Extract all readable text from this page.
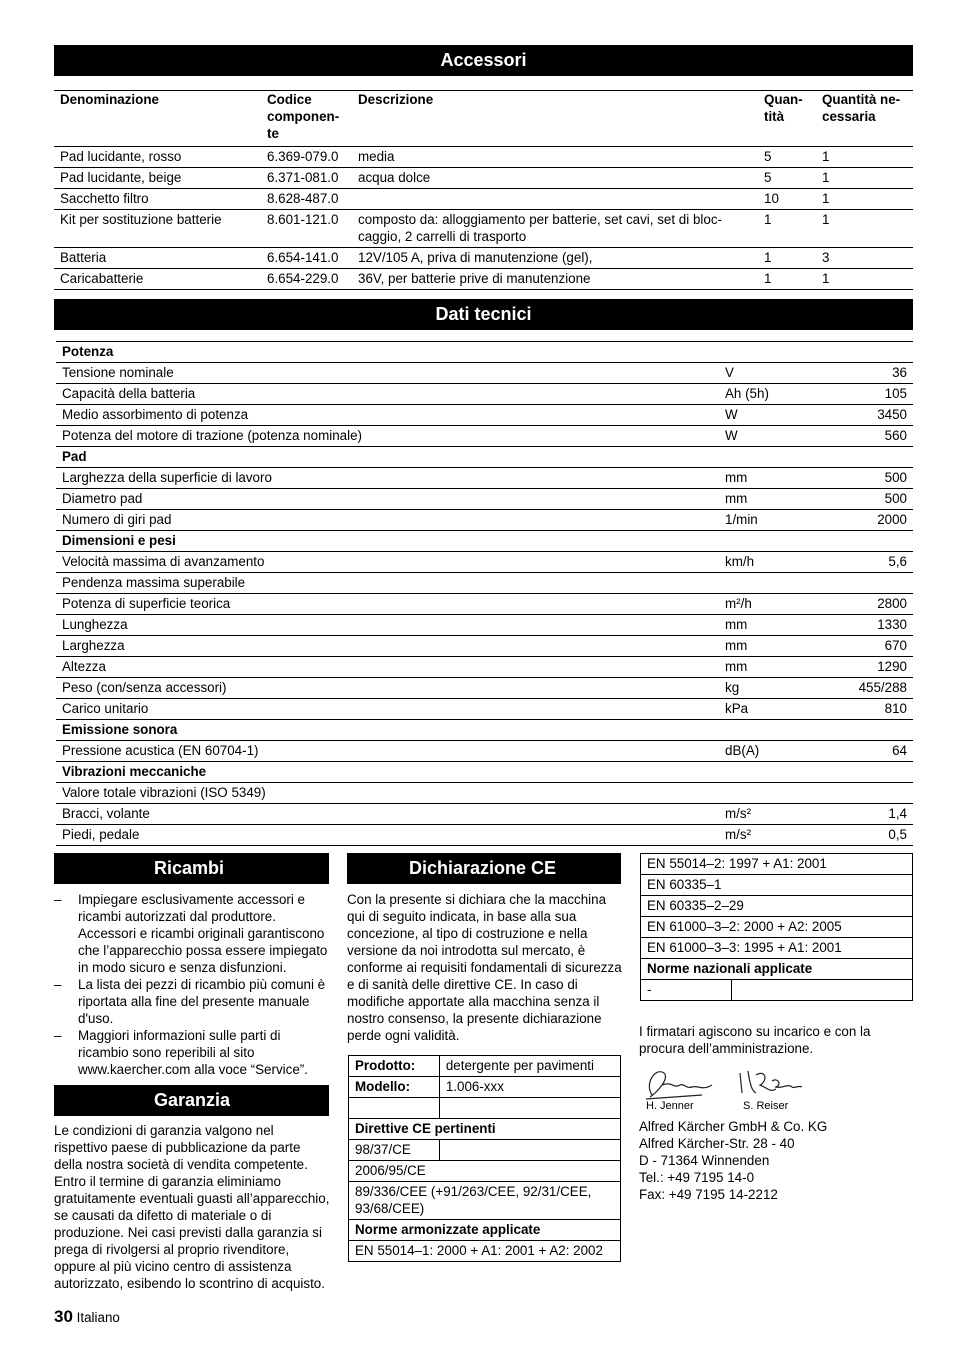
Accessori
Denominazione	Codice componen-te	Descrizione	Quan-tità	Quantità ne-cessaria
Pad lucidante, rosso	6.369-079.0	media	5	1
Pad lucidante, beige	6.371-081.0	acqua dolce	5	1
Sacchetto filtro	8.628-487.0		10	1
Kit per sostituzione batterie	8.601-121.0	composto da: alloggiamento per batterie, set cavi, set di bloc-caggio, 2 carrelli di trasporto	1	1
Batteria	6.654-141.0	12V/105 A, priva di manutenzione (gel),	1	3
Caricabatterie	6.654-229.0	36V, per batterie prive di manutenzione	1	1
Dati tecnici
Potenza		
Tensione nominale	V	36
Capacità della batteria	Ah (5h)	105
Medio assorbimento di potenza	W	3450
Potenza del motore di trazione (potenza nominale)	W	560
Pad		
Larghezza della superficie di lavoro	mm	500
Diametro pad	mm	500
Numero di giri pad	1/min	2000
Dimensioni e pesi		
Velocità massima di avanzamento	km/h	5,6
Pendenza massima superabile		
Potenza di superficie teorica	m²/h	2800
Lunghezza	mm	1330
Larghezza	mm	670
Altezza	mm	1290
Peso (con/senza accessori)	kg	455/288
Carico unitario	kPa	810
Emissione sonora		
Pressione acustica (EN 60704-1)	dB(A)	64
Vibrazioni meccaniche		
Valore totale vibrazioni (ISO 5349)		
Bracci, volante	m/s²	1,4
Piedi, pedale	m/s²	0,5
Ricambi
– Impiegare esclusivamente accessori e ricambi autorizzati dal produttore. Accessori e ricambi originali garantiscono che l’apparecchio possa essere impiegato in modo sicuro e senza disfunzioni.
– La lista dei pezzi di ricambio più comuni è riportata alla fine del presente manuale d'uso.
– Maggiori informazioni sulle parti di ricambio sono reperibili al sito www.kaercher.com alla voce “Service”.
Garanzia
Le condizioni di garanzia valgono nel rispettivo paese di pubblicazione da parte della nostra società di vendita competente. Entro il termine di garanzia eliminiamo gratuitamente eventuali guasti all’apparecchio, se causati da difetto di materiale o di produzione. Nei casi previsti dalla garanzia si prega di rivolgersi al proprio rivenditore, oppure al più vicino centro di assistenza autorizzato, esibendo lo scontrino di acquisto.
Dichiarazione CE
Con la presente si dichiara che la macchina qui di seguito indicata, in base alla sua concezione, al tipo di costruzione e nella versione da noi introdotta sul mercato, è conforme ai requisiti fondamentali di sicurezza e di sanità delle direttive CE. In caso di modifiche apportate alla macchina senza il nostro consenso, la presente dichiarazione perde ogni validità.
Prodotto:	detergente per pavimenti
Modello:	1.006-xxx

Direttive CE pertinenti	
98/37/CE	
2006/95/CE	
89/336/CEE (+91/263/CEE, 92/31/CEE, 93/68/CEE)	
Norme armonizzate applicate	
EN 55014–1: 2000 + A1: 2001 + A2: 2002	
EN 55014–2: 1997 + A1: 2001
EN 60335–1
EN 60335–2–29
EN 61000–3–2: 2000 + A2: 2005
EN 61000–3–3: 1995 + A1: 2001
Norme nazionali applicate
-	
I firmatari agiscono su incarico e con la procura dell’amministrazione.
H. Jenner	S. Reiser
Alfred Kärcher GmbH & Co. KG
Alfred Kärcher-Str. 28 - 40
D - 71364 Winnenden
Tel.: +49 7195 14-0
Fax: +49 7195 14-2212
30 Italiano
